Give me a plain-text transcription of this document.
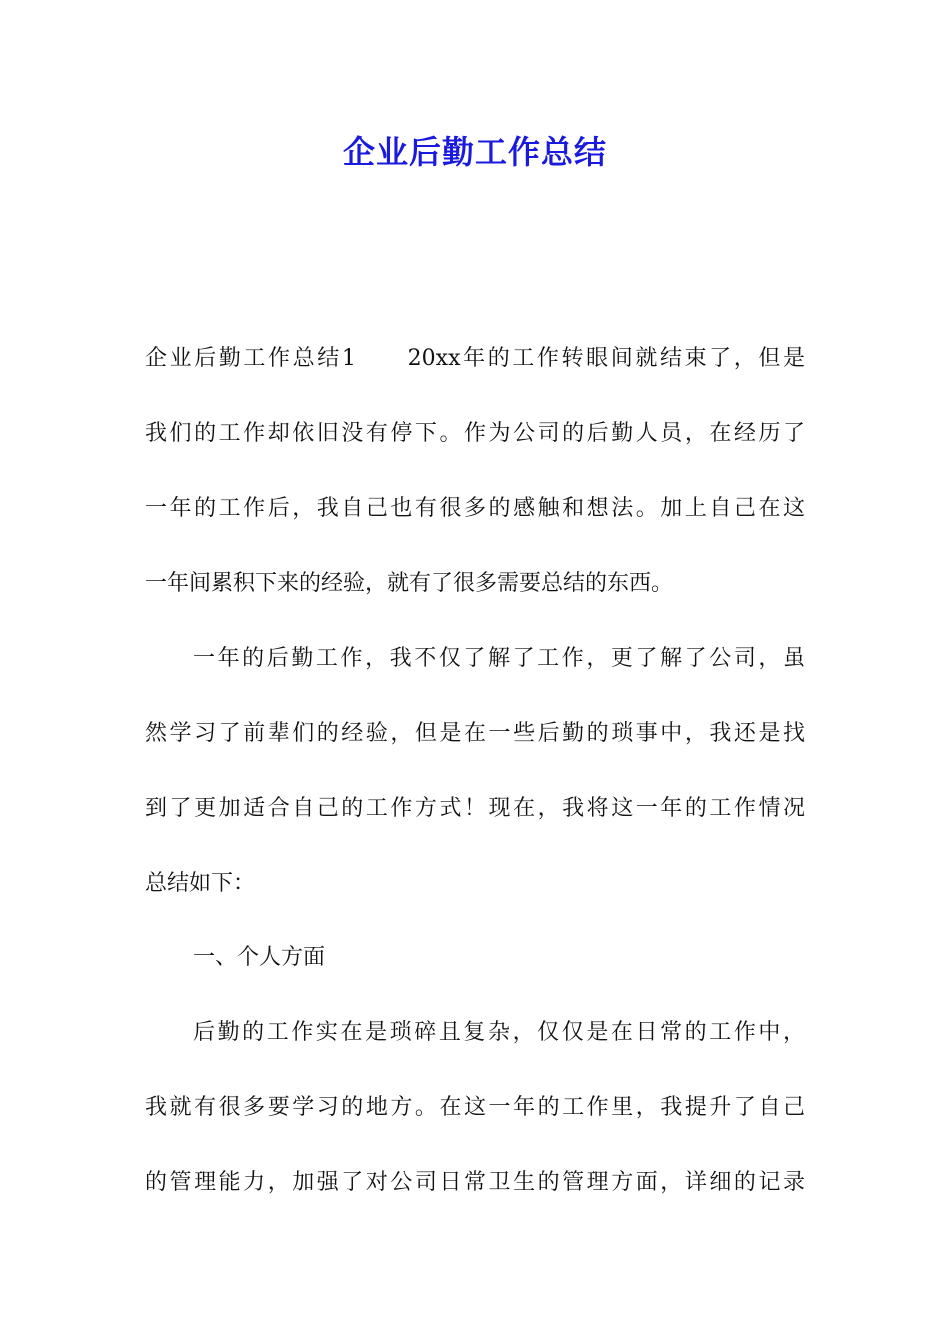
企业后勤工作总结

企业后勤工作总结1　　20xx年的工作转眼间就结束了，但是

我们的工作却依旧没有停下。作为公司的后勤人员，在经历了

一年的工作后，我自己也有很多的感触和想法。加上自己在这

一年间累积下来的经验，就有了很多需要总结的东西。

一年的后勤工作，我不仅了解了工作，更了解了公司，虽

然学习了前辈们的经验，但是在一些后勤的琐事中，我还是找

到了更加适合自己的工作方式！现在，我将这一年的工作情况

总结如下：

一、个人方面

后勤的工作实在是琐碎且复杂，仅仅是在日常的工作中，

我就有很多要学习的地方。在这一年的工作里，我提升了自己

的管理能力，加强了对公司日常卫生的管理方面，详细的记录
